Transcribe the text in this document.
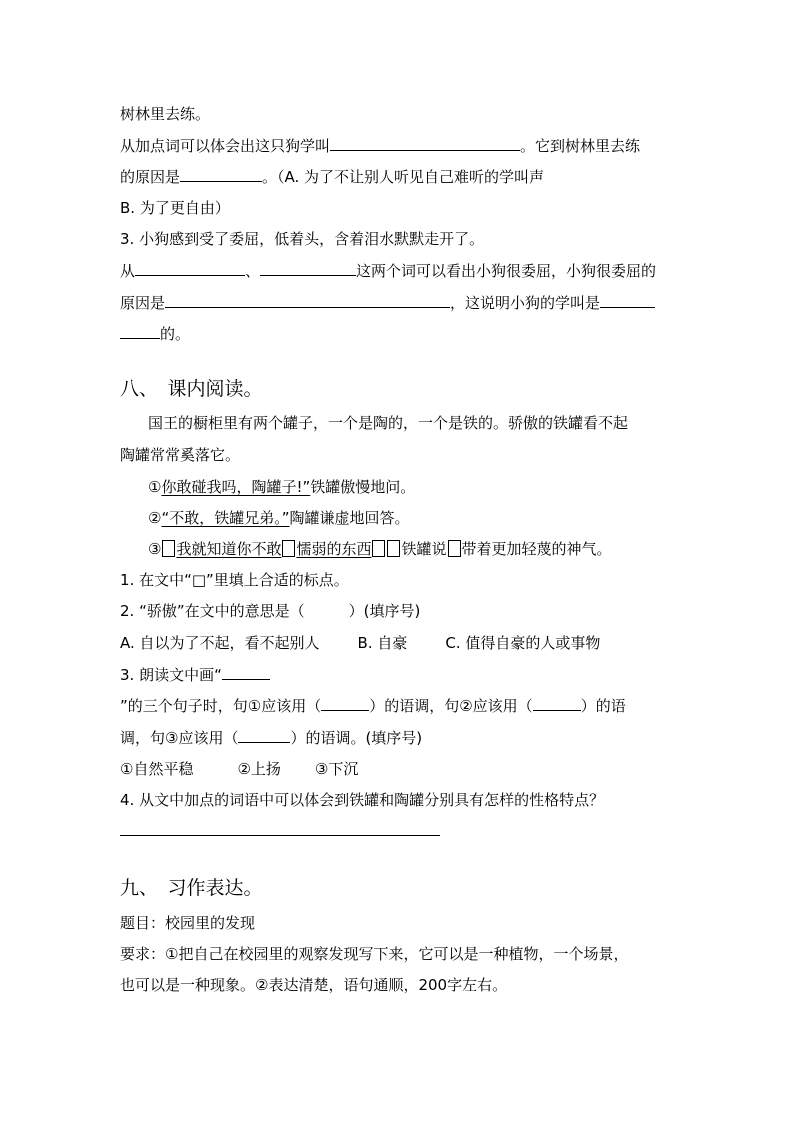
树林里去练。
从加点词可以体会出这只狗学叫	。它到树林里去练
的原因是	。（A. 为了不让别人听见自己难听的学叫声
B. 为了更自由）
3. 小狗感到受了委屈，低着头，含着泪水默默走开了。
从	、	这两个词可以看出小狗很委屈，小狗很委屈的
原因是	，这说明小狗的学叫是
的。
八、　课内阅读。
国王的橱柜里有两个罐子，一个是陶的，一个是铁的。骄傲的铁罐看不起
陶罐常常奚落它。
①你敢碰我吗，陶罐子!”铁罐傲慢地问。
②“不敢，铁罐兄弟。”陶罐谦虚地回答。
③ 我就知道你不敢 懦弱的东西 铁罐说 带着更加轻蔑的神气。
1. 在文中“□”里填上合适的标点。
2. “骄傲”在文中的意思是（	）(填序号)
A. 自以为了不起，看不起别人	B. 自豪	C. 值得自豪的人或事物
3. 朗读文中画“
”的三个句子时，句①应该用（	）的语调，句②应该用（	）的语
调，句③应该用（	）的语调。(填序号)
①自然平稳	②上扬 ③下沉
4. 从文中加点的词语中可以体会到铁罐和陶罐分别具有怎样的性格特点？
九、　习作表达。
题目：校园里的发现
要求：①把自己在校园里的观察发现写下来，它可以是一种植物，一个场景，
也可以是一种现象。②表达清楚，语句通顺，200字左右。
